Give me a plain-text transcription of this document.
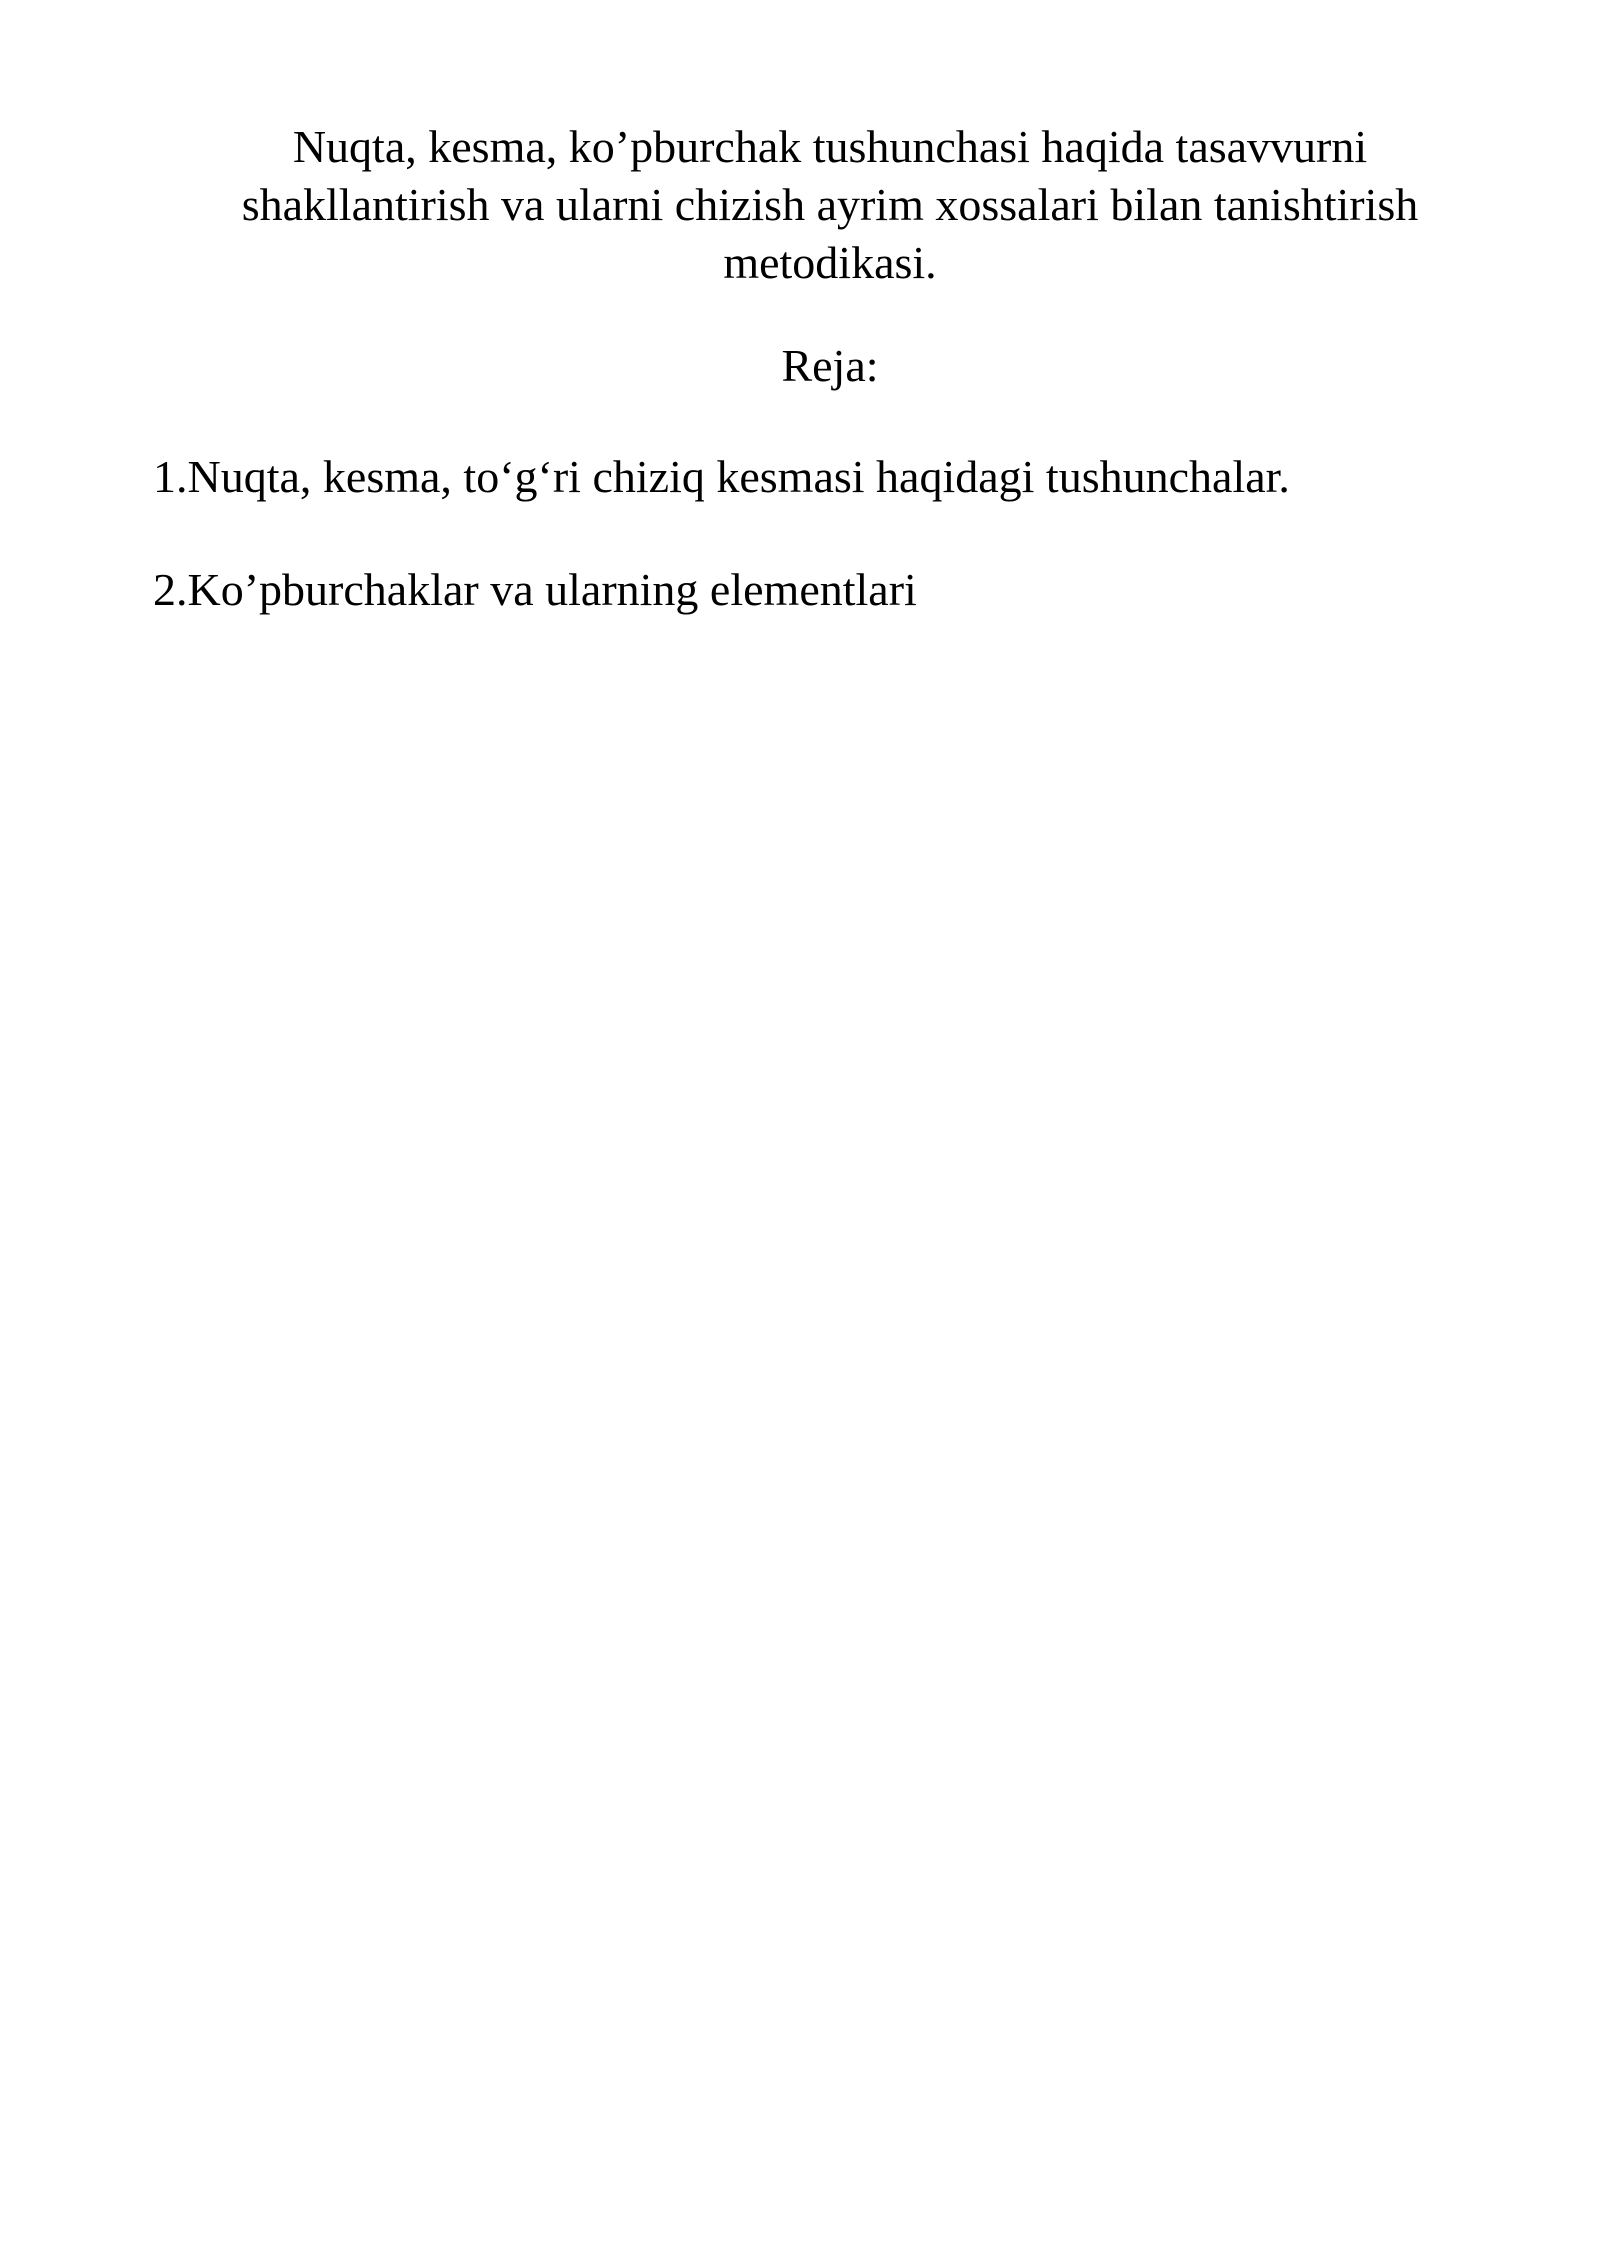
Nuqta, kesma, ko’pburchak tushunchasi haqida tasavvurni
shakllantirish va ularni chizish ayrim xossalari bilan tanishtirish
metodikasi.
Reja:
1.Nuqta, kesma, to‘g‘ri chiziq kesmasi haqidagi tushunchalar.
2.Ko’pburchaklar va ularning elementlari
